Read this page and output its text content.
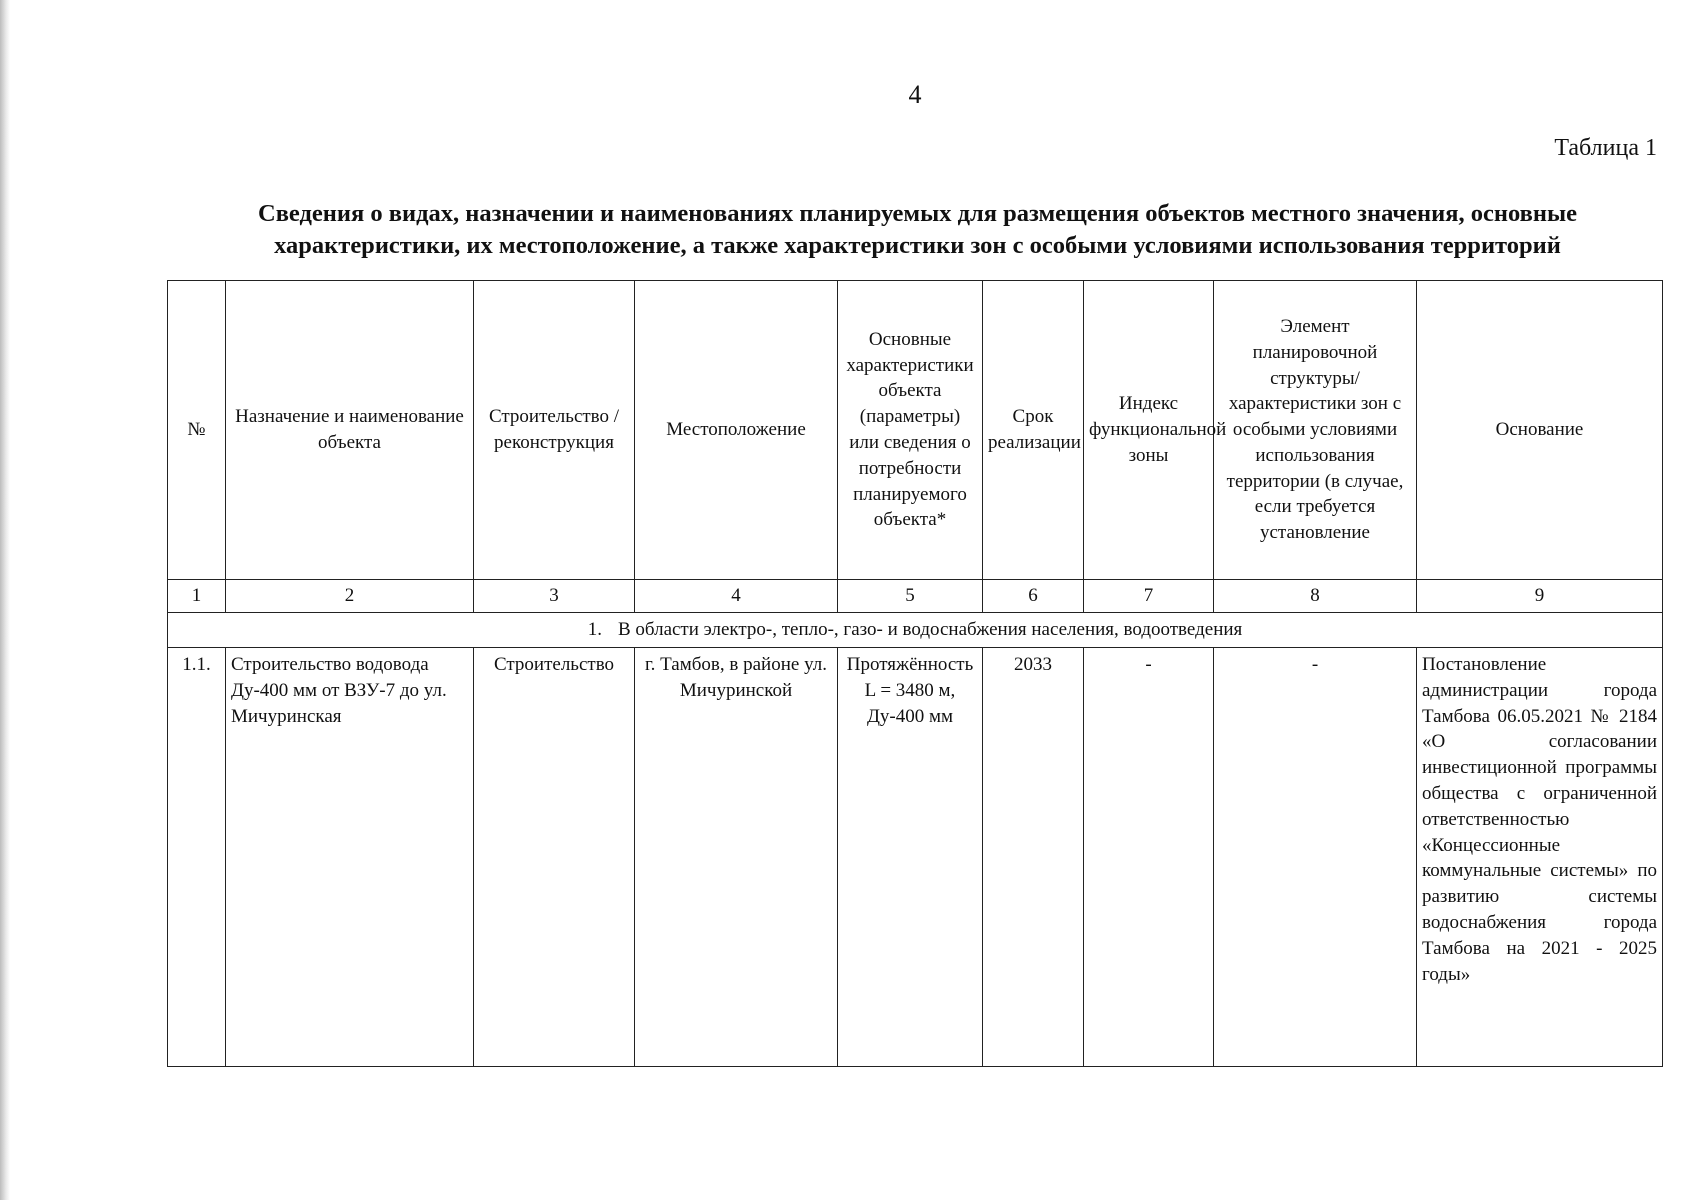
4
Таблица 1
Сведения о видах, назначении и наименованиях планируемых для размещения объектов местного значения, основные
характеристики, их местоположение, а также характеристики зон с особыми условиями использования территорий
№	Назначение и наименование объекта	Строительство / реконструкция	Местоположение	Основные характеристики объекта (параметры) или сведения о потребности планируемого объекта*	Срок реализации	Индекс функциональной зоны	Элемент планировочной структуры/характеристики зон с особыми условиями использования территории (в случае, если требуется установление	Основание
1	2	3	4	5	6	7	8	9
1. В области электро-, тепло-, газо- и водоснабжения населения, водоотведения								
1.1.	Строительство водовода Ду-400 мм от ВЗУ-7 до ул. Мичуринская	Строительство	г. Тамбов, в районе ул. Мичуринской	Протяжённость L = 3480 м, Ду-400 мм	2033	-	-	Постановление администрации города Тамбова 06.05.2021 № 2184 «О согласовании инвестиционной программы общества с ограниченной ответственностью «Концессионные коммунальные системы» по развитию системы водоснабжения города Тамбова на 2021 - 2025 годы»
